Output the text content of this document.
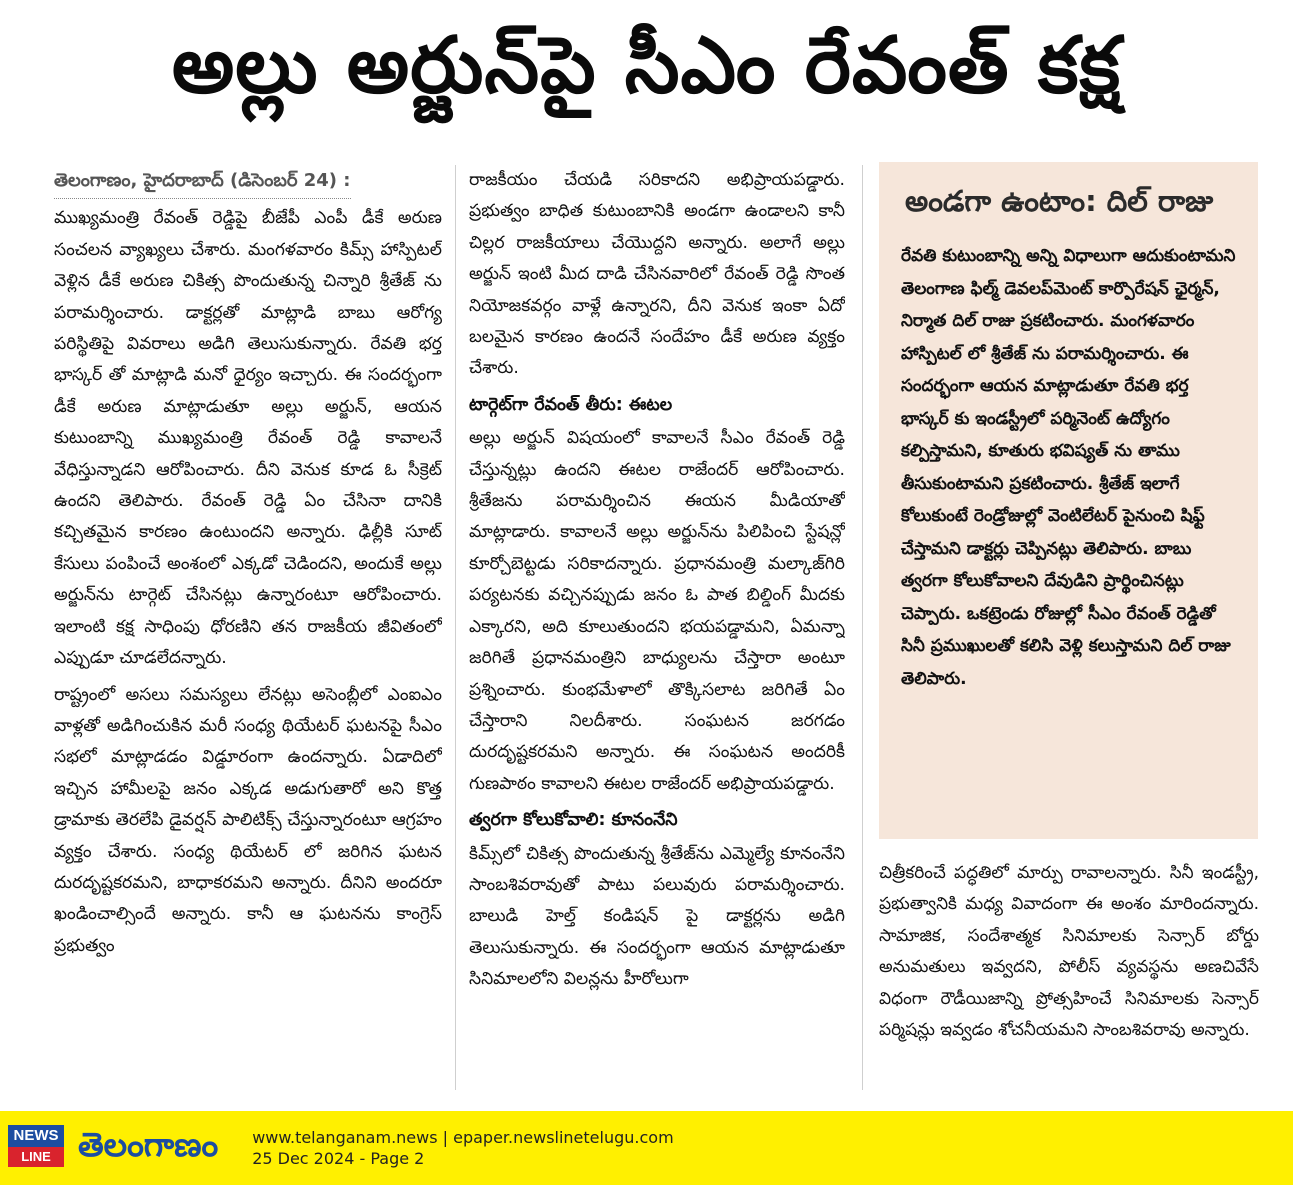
అల్లు అర్జున్‌పై సీఎం రేవంత్ కక్ష
తెలంగాణం, హైదరాబాద్ (డిసెంబర్ 24) :

ముఖ్యమంత్రి రేవంత్ రెడ్డిపై బీజేపీ ఎంపీ డీకే అరుణ సంచలన వ్యాఖ్యలు చేశారు. మంగళవారం కిమ్స్ హాస్పిటల్ వెళ్లిన డీకే అరుణ చికిత్స పొందుతున్న చిన్నారి శ్రీతేజ్ ను పరామర్శించారు. డాక్టర్లతో మాట్లాడి బాబు ఆరోగ్య పరిస్థితిపై వివరాలు అడిగి తెలుసుకున్నారు. రేవతి భర్త భాస్కర్ తో మాట్లాడి మనో ధైర్యం ఇచ్చారు. ఈ సందర్భంగా డీకే అరుణ మాట్లాడుతూ అల్లు అర్జున్, ఆయన కుటుంబాన్ని ముఖ్యమంత్రి రేవంత్ రెడ్డి కావాలనే వేధిస్తున్నాడని ఆరోపించారు. దీని వెనుక కూడ ఓ సీక్రెట్ ఉందని తెలిపారు. రేవంత్ రెడ్డి ఏం చేసినా దానికి కచ్చితమైన కారణం ఉంటుందని అన్నారు. ఢిల్లీకి సూట్ కేసులు పంపించే అంశంలో ఎక్కడో చెడిందని, అందుకే అల్లు అర్జున్‌ను టార్గెట్ చేసినట్లు ఉన్నారంటూ ఆరోపించారు. ఇలాంటి కక్ష సాధింపు ధోరణిని తన రాజకీయ జీవితంలో ఎప్పుడూ చూడలేదన్నారు.

రాష్ట్రంలో అసలు సమస్యలు లేనట్లు అసెంబ్లీలో ఎంఐఎం వాళ్లతో అడిగించుకిన మరీ సంధ్య థియేటర్ ఘటనపై సీఎం సభలో మాట్లాడడం విడ్డూరంగా ఉందన్నారు. ఏడాదిలో ఇచ్చిన హామీలపై జనం ఎక్కడ అడుగుతారో అని కొత్త డ్రామాకు తెరలేపి డైవర్షన్ పాలిటిక్స్ చేస్తున్నారంటూ ఆగ్రహం వ్యక్తం చేశారు. సంధ్య థియేటర్ లో జరిగిన ఘటన దురదృష్టకరమని, బాధాకరమని అన్నారు. దీనిని అందరూ ఖండించాల్సిందే అన్నారు. కానీ ఆ ఘటనను కాంగ్రెస్ ప్రభుత్వం

రాజకీయం చేయడి సరికాదని అభిప్రాయపడ్డారు. ప్రభుత్వం బాధిత కుటుంబానికి అండగా ఉండాలని కానీ చిల్లర రాజకీయాలు చేయొద్దని అన్నారు. అలాగే అల్లు అర్జున్ ఇంటి మీద దాడి చేసినవారిలో రేవంత్ రెడ్డి సొంత నియోజకవర్గం వాళ్లే ఉన్నారని, దీని వెనుక ఇంకా ఏదో బలమైన కారణం ఉందనే సందేహం డీకే అరుణ వ్యక్తం చేశారు.

టార్గెట్‌గా రేవంత్ తీరు: ఈటల

అల్లు అర్జున్ విషయంలో కావాలనే సీఎం రేవంత్ రెడ్డి చేస్తున్నట్లు ఉందని ఈటల రాజేందర్ ఆరోపించారు. శ్రీతేజను పరామర్శించిన ఈయన మీడియాతో మాట్లాడారు. కావాలనే అల్లు అర్జున్‌ను పిలిపించి స్టేషన్లో కూర్చోబెట్టడు సరికాదన్నారు. ప్రధానమంత్రి మల్కాజ్‌గిరి పర్యటనకు వచ్చినప్పుడు జనం ఓ పాత బిల్డింగ్ మీదకు ఎక్కారని, అది కూలుతుందని భయపడ్డామని, ఏమన్నా జరిగితే ప్రధానమంత్రిని బాధ్యులను చేస్తారా అంటూ ప్రశ్నించారు. కుంభమేళాలో తొక్కిసలాట జరిగితే ఏం చేస్తారాని నిలదీశారు. సంఘటన జరగడం దురదృష్టకరమని అన్నారు. ఈ సంఘటన అందరికీ గుణపాఠం కావాలని ఈటల రాజేందర్ అభిప్రాయపడ్డారు.

త్వరగా కోలుకోవాలి: కూనంనేని

కిమ్స్‌లో చికిత్స పొందుతున్న శ్రీతేజ్‌ను ఎమ్మెల్యే కూనంనేని సాంబశివరావుతో పాటు పలువురు పరామర్శించారు. బాలుడి హెల్త్ కండిషన్ పై డాక్టర్లను అడిగి తెలుసుకున్నారు. ఈ సందర్భంగా ఆయన మాట్లాడుతూ సినిమాలలోని విలన్లను హీరోలుగా

అండగా ఉంటాం: దిల్ రాజు

రేవతి కుటుంబాన్ని అన్ని విధాలుగా ఆదుకుంటామని తెలంగాణ ఫిల్మ్ డెవలప్‌మెంట్ కార్పొరేషన్ ఛైర్మన్, నిర్మాత దిల్ రాజు ప్రకటించారు. మంగళవారం హాస్పిటల్ లో శ్రీతేజ్ ను పరామర్శించారు. ఈ సందర్భంగా ఆయన మాట్లాడుతూ రేవతి భర్త భాస్కర్ కు ఇండస్ట్రీలో పర్మినెంట్ ఉద్యోగం కల్పిస్తామని, కూతురు భవిష్యత్ ను తాము తీసుకుంటామని ప్రకటించారు. శ్రీతేజ్ ఇలాగే కోలుకుంటే రెండ్రోజుల్లో వెంటిలేటర్ పైనుంచి షిఫ్ట్ చేస్తామని డాక్టర్లు చెప్పినట్లు తెలిపారు. బాబు త్వరగా కోలుకోవాలని దేవుడిని ప్రార్థించినట్లు చెప్పారు. ఒకట్రెండు రోజుల్లో సీఎం రేవంత్ రెడ్డితో సినీ ప్రముఖులతో కలిసి వెళ్లి కలుస్తామని దిల్ రాజు తెలిపారు.

చిత్రీకరించే పద్ధతిలో మార్పు రావాలన్నారు. సినీ ఇండస్ట్రీ, ప్రభుత్వానికి మధ్య వివాదంగా ఈ అంశం మారిందన్నారు. సామాజిక, సందేశాత్మక సినిమాలకు సెన్సార్ బోర్డు అనుమతులు ఇవ్వదని, పోలీస్ వ్యవస్థను అణచివేసే విధంగా రౌడీయిజాన్ని ప్రోత్సహించే సినిమాలకు సెన్సార్ పర్మిషన్లు ఇవ్వడం శోచనీయమని సాంబశివరావు అన్నారు.

NEWS
LINE తెలంగాణం www.telanganam.news | epaper.newslinetelugu.com
25 Dec 2024 - Page 2
